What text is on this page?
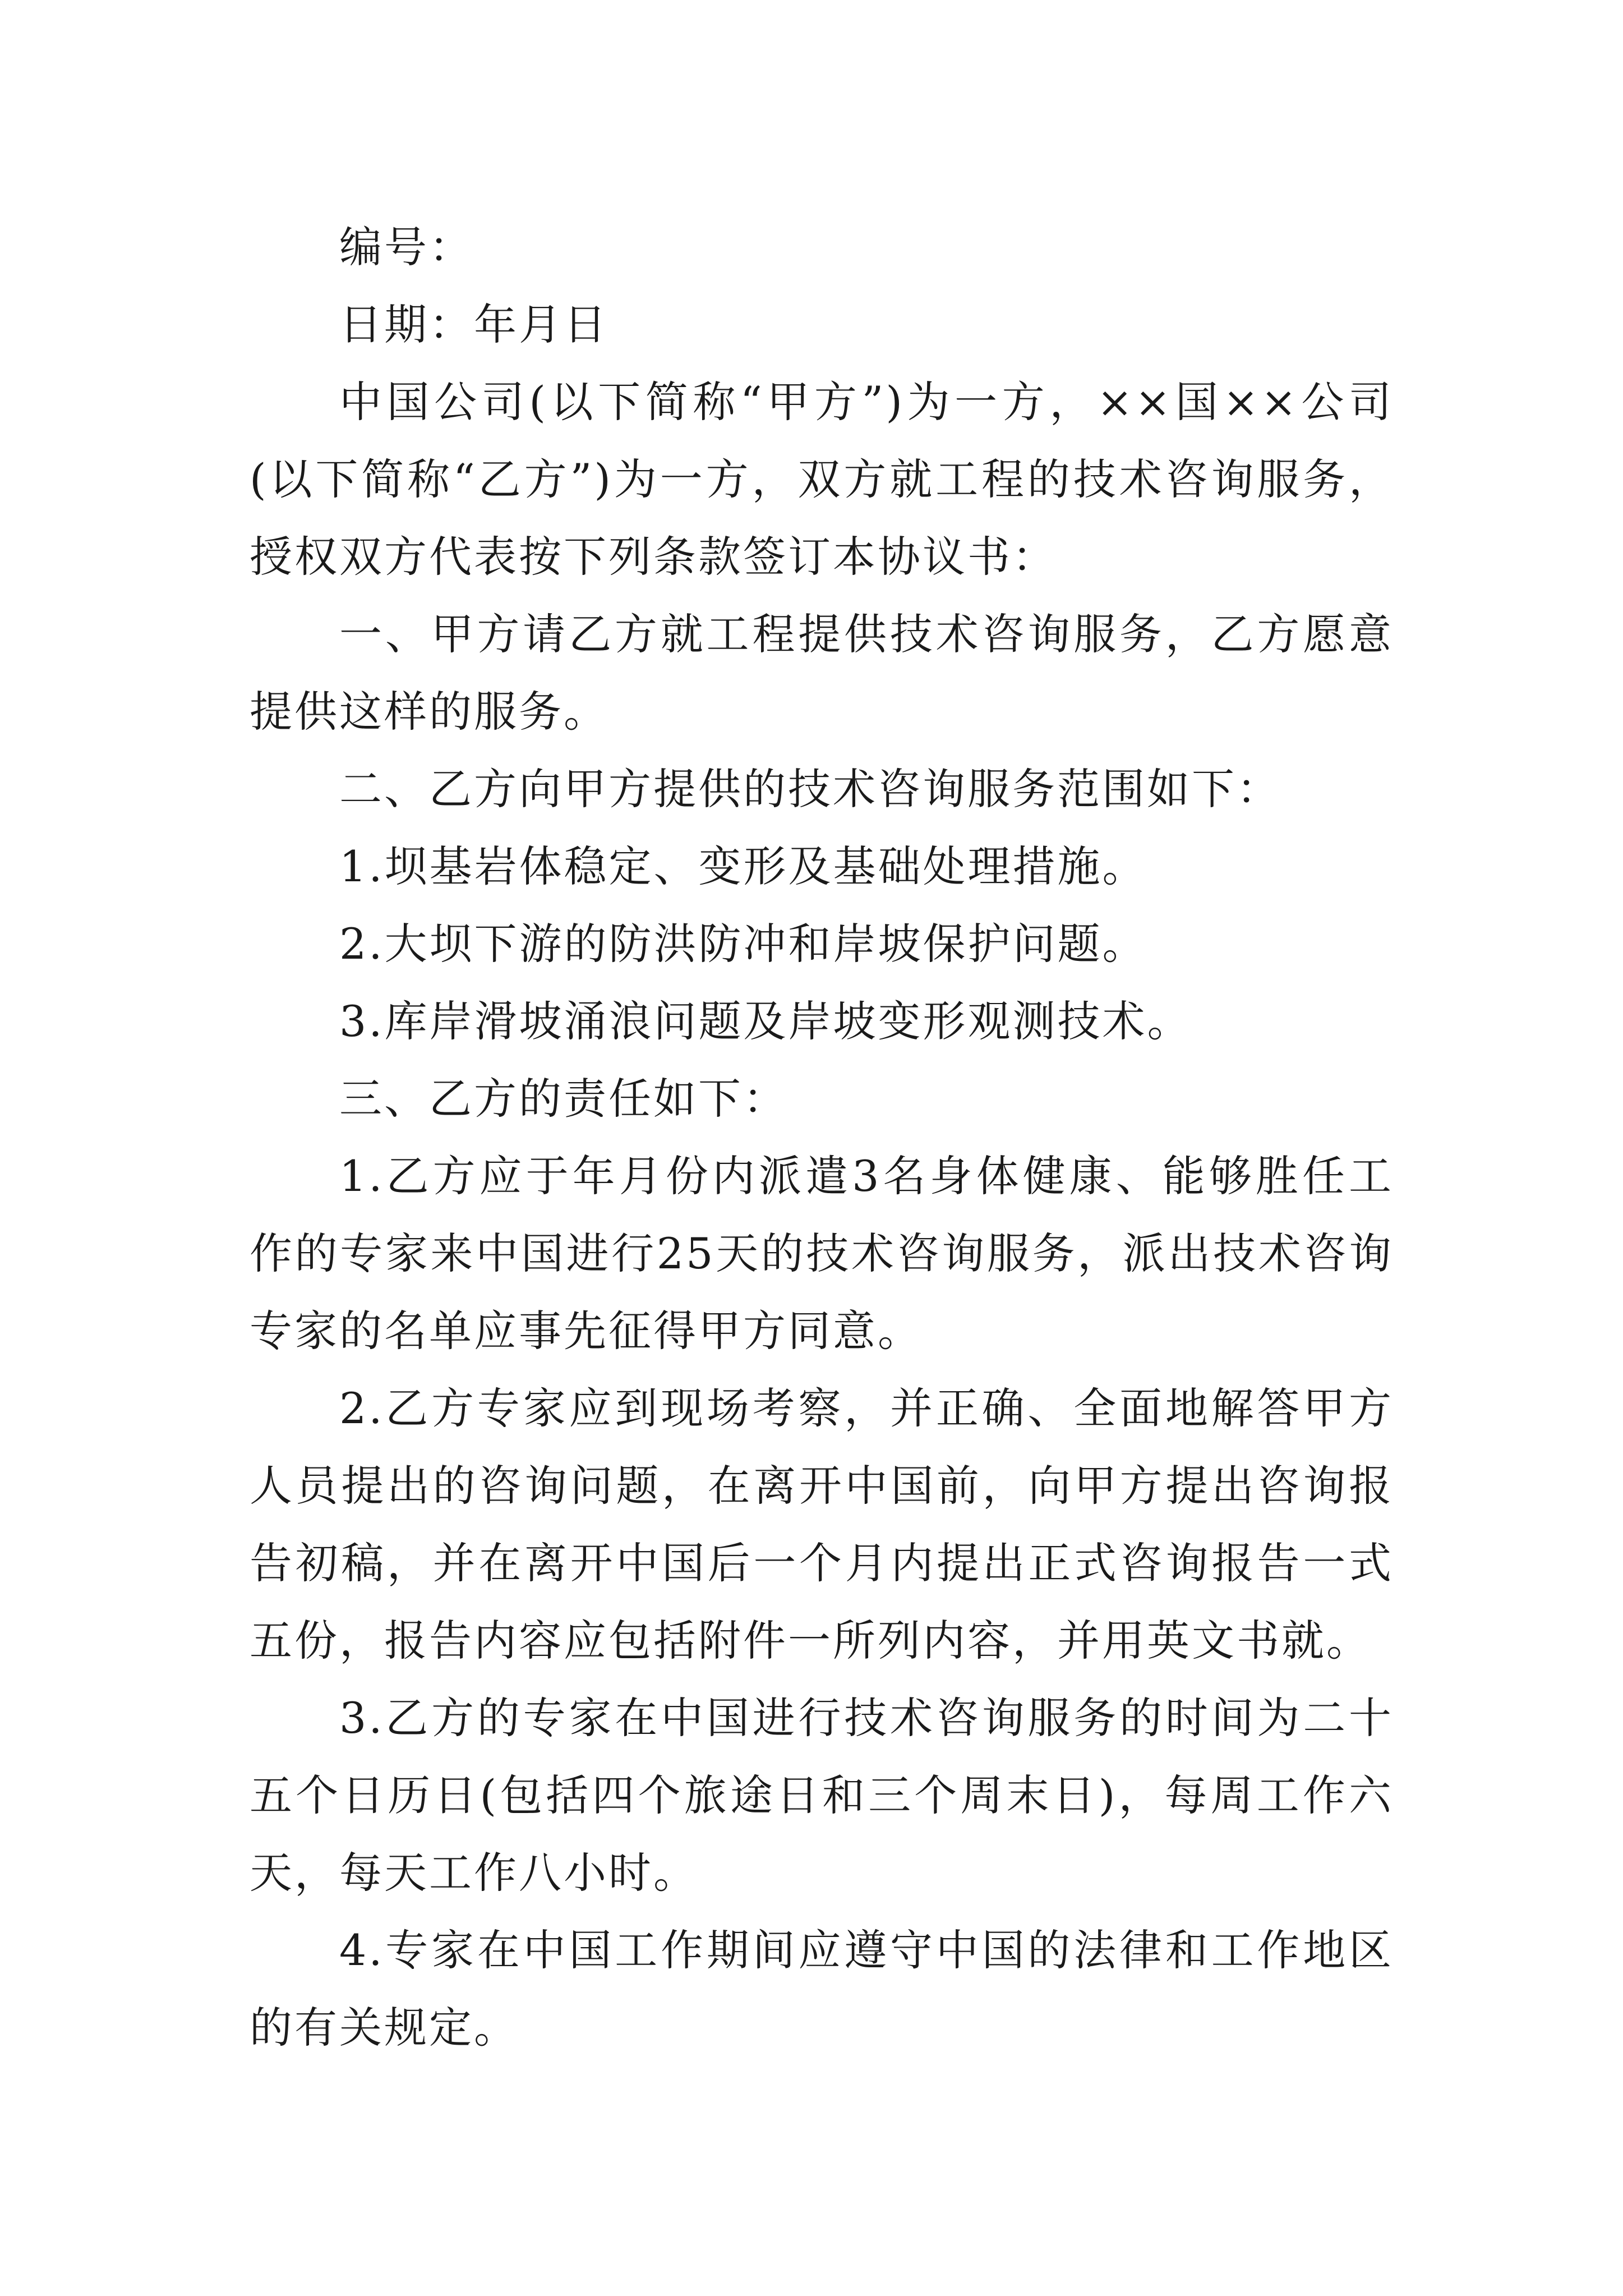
编号：

日期：年月日

中国公司(以下简称“甲方”)为一方，××国××公司(以下简称“乙方”)为一方，双方就工程的技术咨询服务，授权双方代表按下列条款签订本协议书：

一、甲方请乙方就工程提供技术咨询服务，乙方愿意提供这样的服务。

二、乙方向甲方提供的技术咨询服务范围如下：

1.坝基岩体稳定、变形及基础处理措施。

2.大坝下游的防洪防冲和岸坡保护问题。

3.库岸滑坡涌浪问题及岸坡变形观测技术。

三、乙方的责任如下：

1.乙方应于年月份内派遣3名身体健康、能够胜任工作的专家来中国进行25天的技术咨询服务，派出技术咨询专家的名单应事先征得甲方同意。

2.乙方专家应到现场考察，并正确、全面地解答甲方人员提出的咨询问题，在离开中国前，向甲方提出咨询报告初稿，并在离开中国后一个月内提出正式咨询报告一式五份，报告内容应包括附件一所列内容，并用英文书就。

3.乙方的专家在中国进行技术咨询服务的时间为二十五个日历日(包括四个旅途日和三个周末日)，每周工作六天，每天工作八小时。

4.专家在中国工作期间应遵守中国的法律和工作地区的有关规定。
